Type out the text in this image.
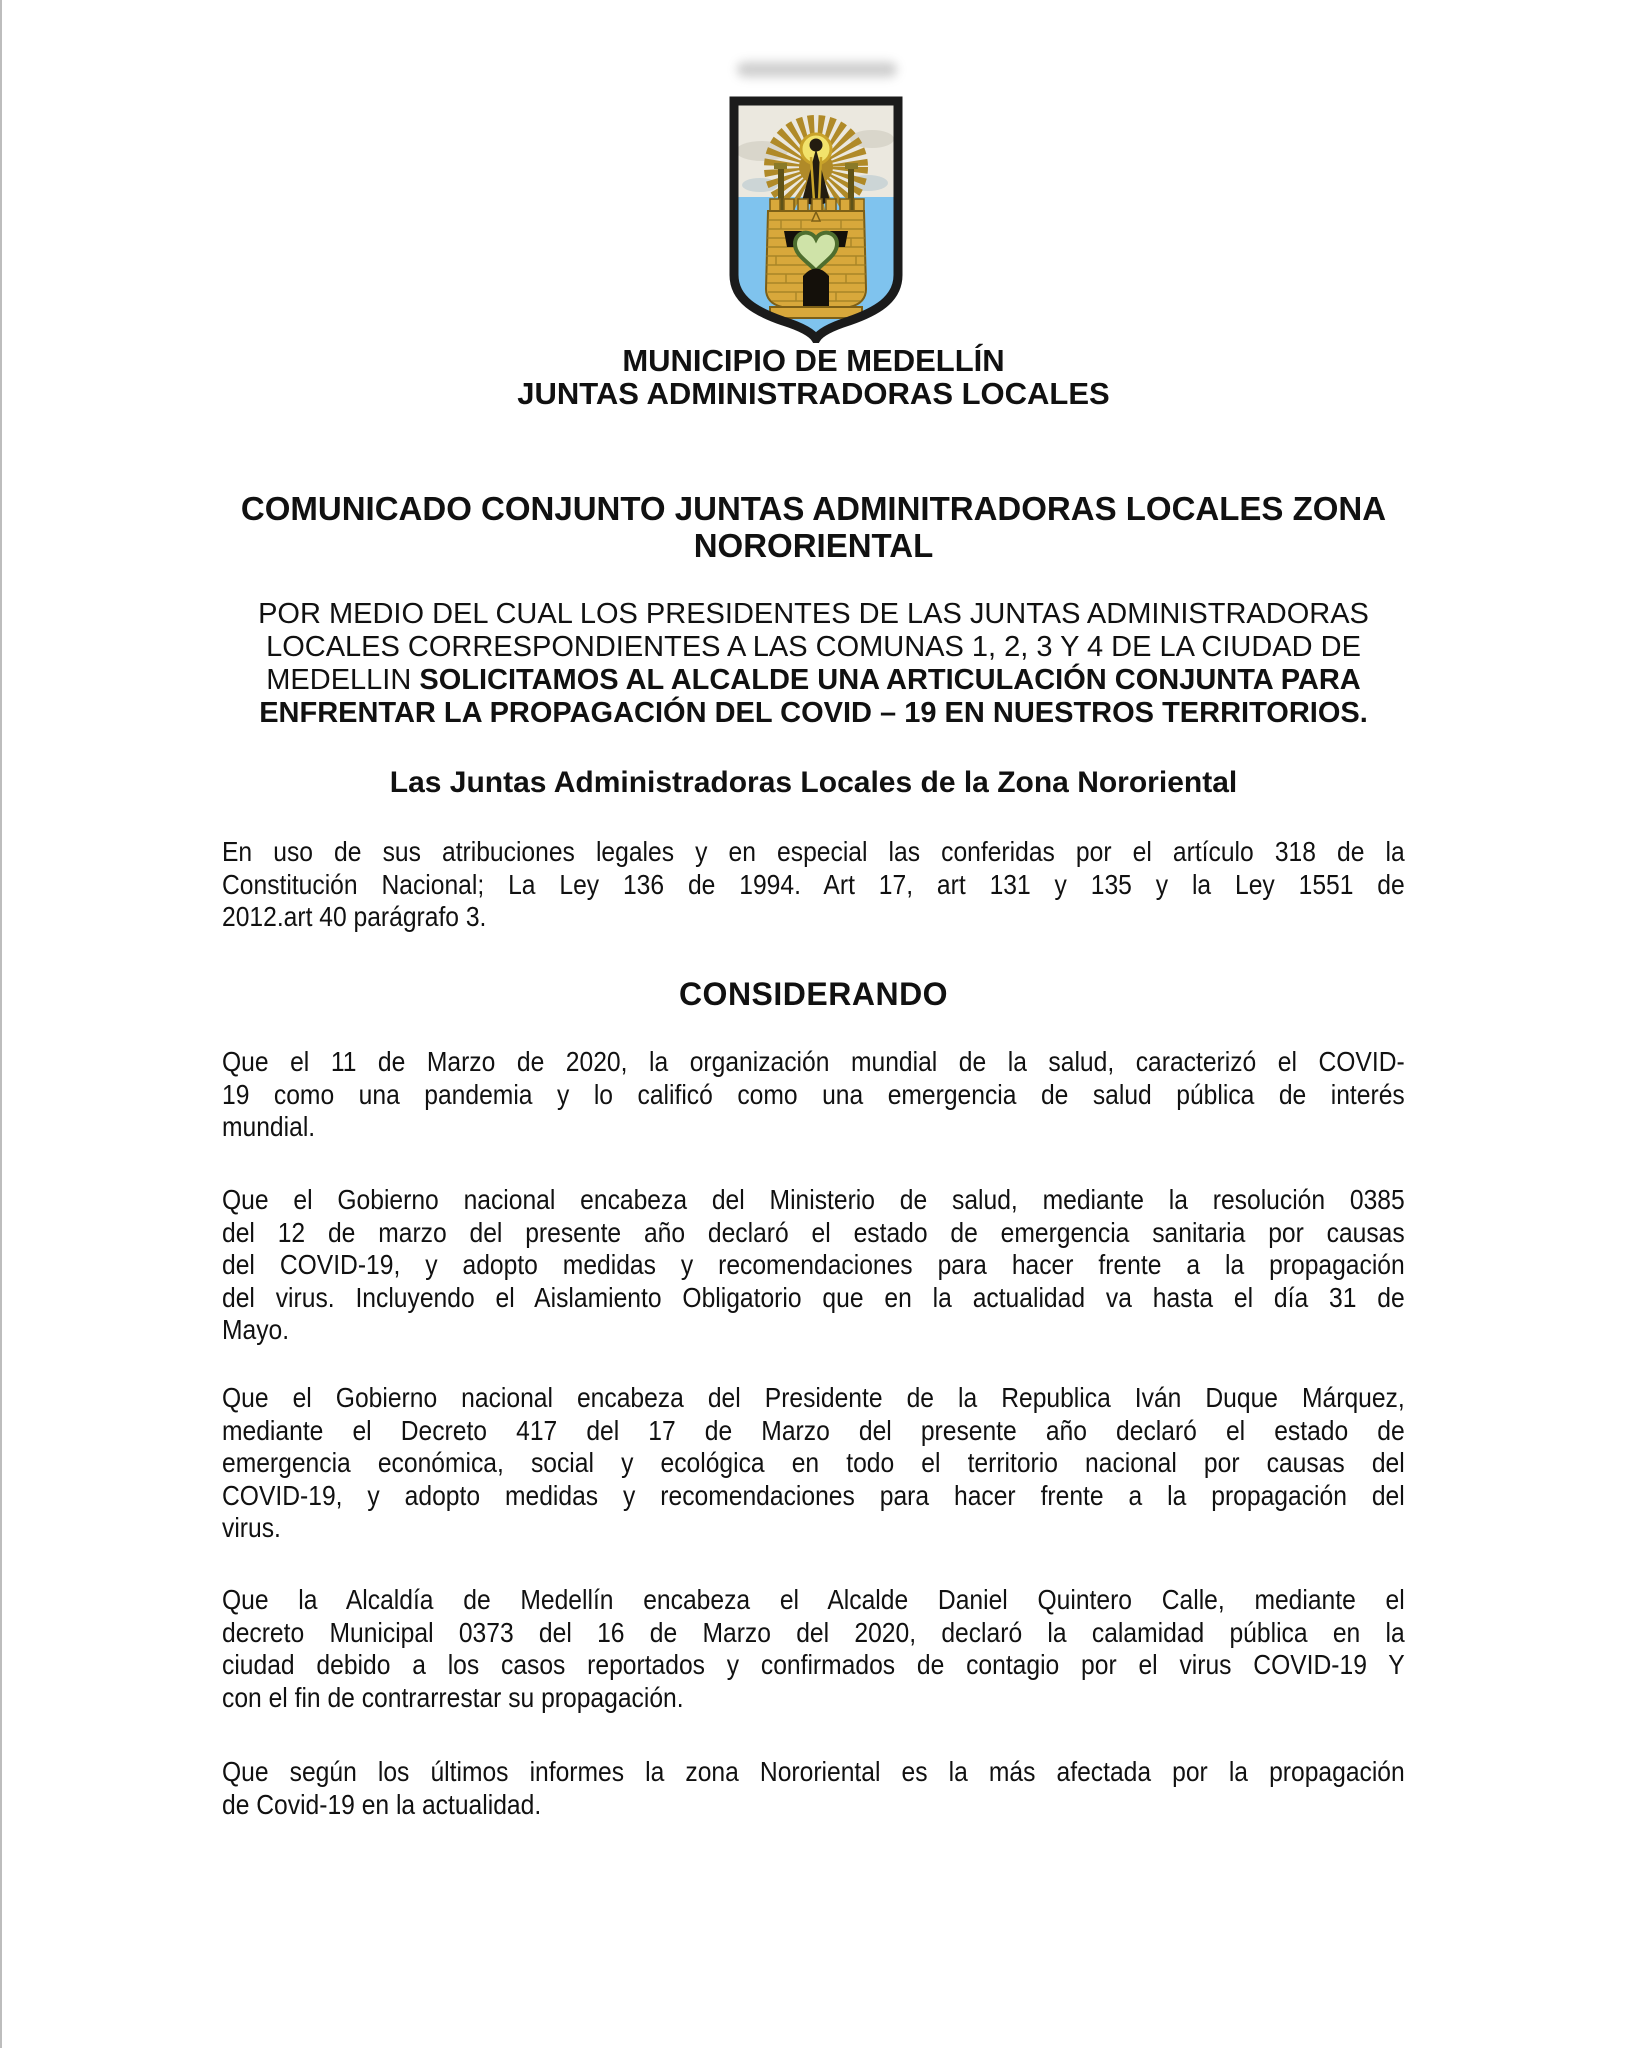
MUNICIPIO DE MEDELLÍN
JUNTAS ADMINISTRADORAS LOCALES
COMUNICADO CONJUNTO JUNTAS ADMINITRADORAS LOCALES ZONA
NORORIENTAL
POR MEDIO DEL CUAL LOS PRESIDENTES DE LAS JUNTAS ADMINISTRADORAS
LOCALES CORRESPONDIENTES A LAS COMUNAS 1, 2, 3 Y 4 DE LA CIUDAD DE
MEDELLIN SOLICITAMOS AL ALCALDE UNA ARTICULACIÓN CONJUNTA PARA
ENFRENTAR LA PROPAGACIÓN DEL COVID – 19 EN NUESTROS TERRITORIOS.
Las Juntas Administradoras Locales de la Zona Nororiental
En uso de sus atribuciones legales y en especial las conferidas por el artículo 318 de la
Constitución Nacional; La Ley 136 de 1994. Art 17, art 131 y 135 y la Ley 1551 de
2012.art 40 parágrafo 3.
CONSIDERANDO
Que el 11 de Marzo de 2020, la organización mundial de la salud, caracterizó el COVID-
19 como una pandemia y lo calificó como una emergencia de salud pública de interés
mundial.
Que el Gobierno nacional encabeza del Ministerio de salud, mediante la resolución 0385
del 12 de marzo del presente año declaró el estado de emergencia sanitaria por causas
del COVID-19, y adopto medidas y recomendaciones para hacer frente a la propagación
del virus. Incluyendo el Aislamiento Obligatorio que en la actualidad va hasta el día 31 de
Mayo.
Que el Gobierno nacional encabeza del Presidente de la Republica Iván Duque Márquez,
mediante el Decreto 417 del 17 de Marzo del presente año declaró el estado de
emergencia económica, social y ecológica en todo el territorio nacional por causas del
COVID-19, y adopto medidas y recomendaciones para hacer frente a la propagación del
virus.
Que la Alcaldía de Medellín encabeza el Alcalde Daniel Quintero Calle, mediante el
decreto Municipal 0373 del 16 de Marzo del 2020, declaró la calamidad pública en la
ciudad debido a los casos reportados y confirmados de contagio por el virus COVID-19 Y
con el fin de contrarrestar su propagación.
Que según los últimos informes la zona Nororiental es la más afectada por la propagación
de Covid-19 en la actualidad.
